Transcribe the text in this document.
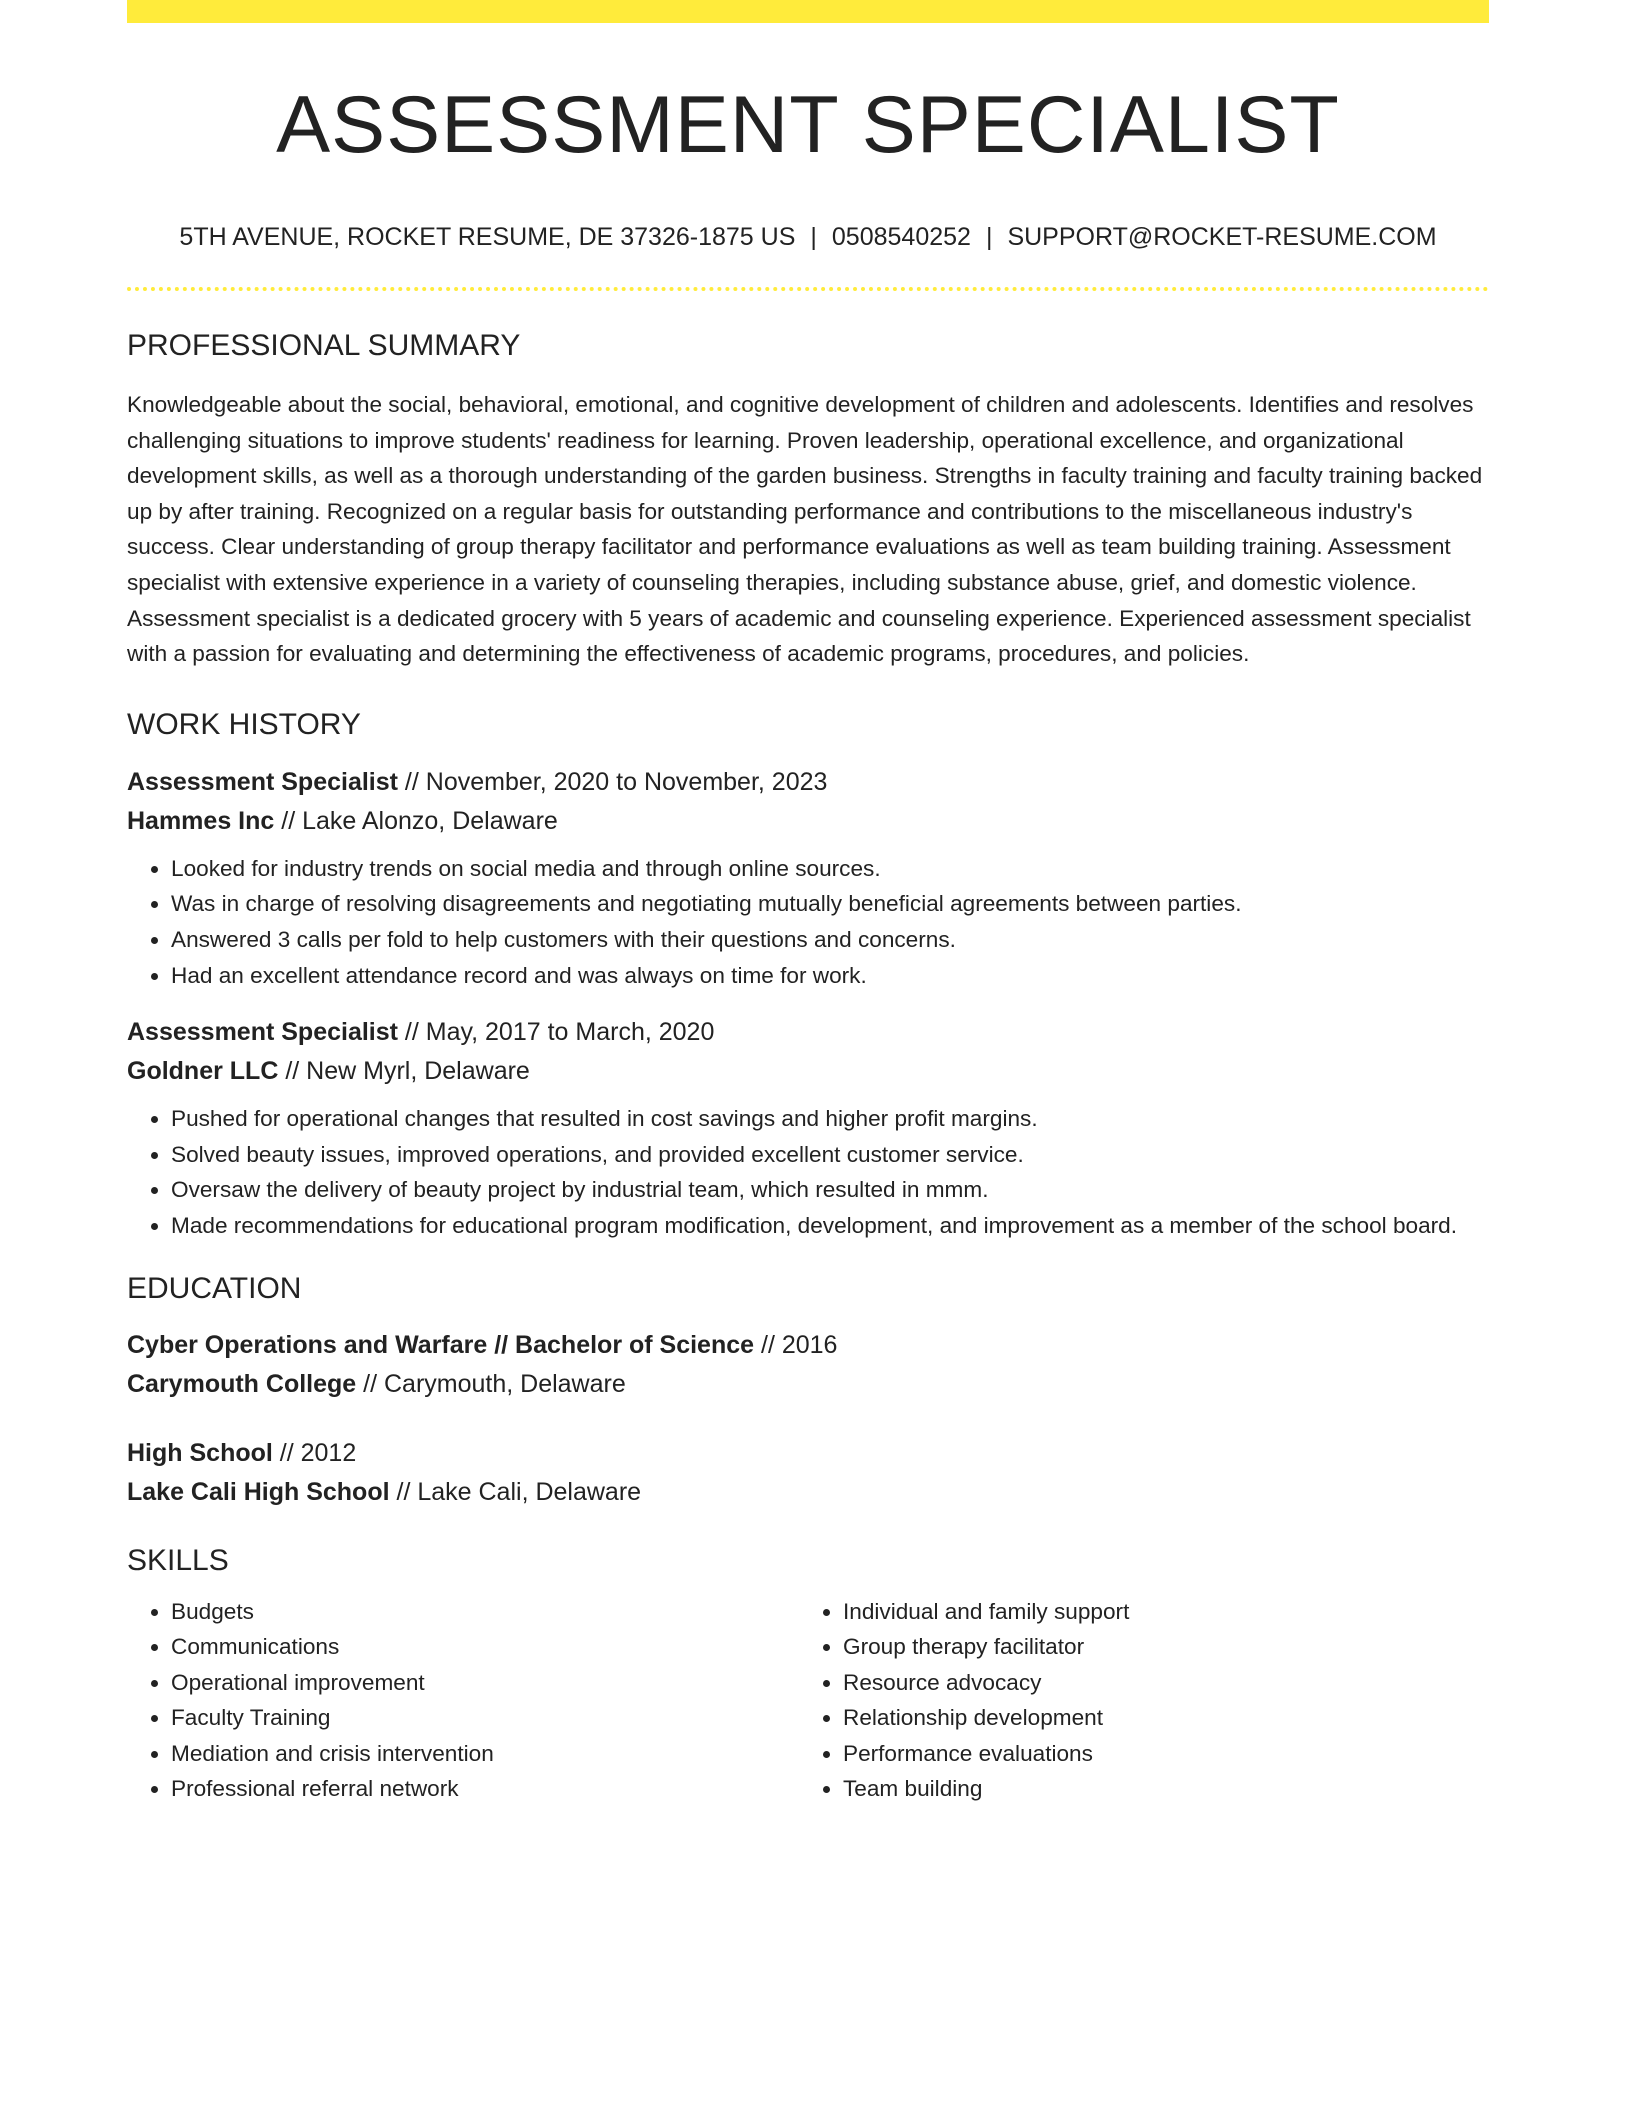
ASSESSMENT SPECIALIST
5TH AVENUE, ROCKET RESUME, DE 37326-1875 US | 0508540252 | SUPPORT@ROCKET-RESUME.COM
PROFESSIONAL SUMMARY

Knowledgeable about the social, behavioral, emotional, and cognitive development of children and adolescents. Identifies and resolves challenging situations to improve students' readiness for learning. Proven leadership, operational excellence, and organizational development skills, as well as a thorough understanding of the garden business. Strengths in faculty training and faculty training backed up by after training. Recognized on a regular basis for outstanding performance and contributions to the miscellaneous industry's success. Clear understanding of group therapy facilitator and performance evaluations as well as team building training. Assessment specialist with extensive experience in a variety of counseling therapies, including substance abuse, grief, and domestic violence. Assessment specialist is a dedicated grocery with 5 years of academic and counseling experience. Experienced assessment specialist with a passion for evaluating and determining the effectiveness of academic programs, procedures, and policies.

WORK HISTORY
Assessment Specialist // November, 2020 to November, 2023
Hammes Inc // Lake Alonzo, Delaware
• Looked for industry trends on social media and through online sources.
• Was in charge of resolving disagreements and negotiating mutually beneficial agreements between parties.
• Answered 3 calls per fold to help customers with their questions and concerns.
• Had an excellent attendance record and was always on time for work.
Assessment Specialist // May, 2017 to March, 2020
Goldner LLC // New Myrl, Delaware
• Pushed for operational changes that resulted in cost savings and higher profit margins.
• Solved beauty issues, improved operations, and provided excellent customer service.
• Oversaw the delivery of beauty project by industrial team, which resulted in mmm.
• Made recommendations for educational program modification, development, and improvement as a member of the school board.
EDUCATION
Cyber Operations and Warfare // Bachelor of Science // 2016
Carymouth College // Carymouth, Delaware
High School // 2012
Lake Cali High School // Lake Cali, Delaware
SKILLS
• Budgets
• Communications
• Operational improvement
• Faculty Training
• Mediation and crisis intervention
• Professional referral network
• Individual and family support
• Group therapy facilitator
• Resource advocacy
• Relationship development
• Performance evaluations
• Team building
